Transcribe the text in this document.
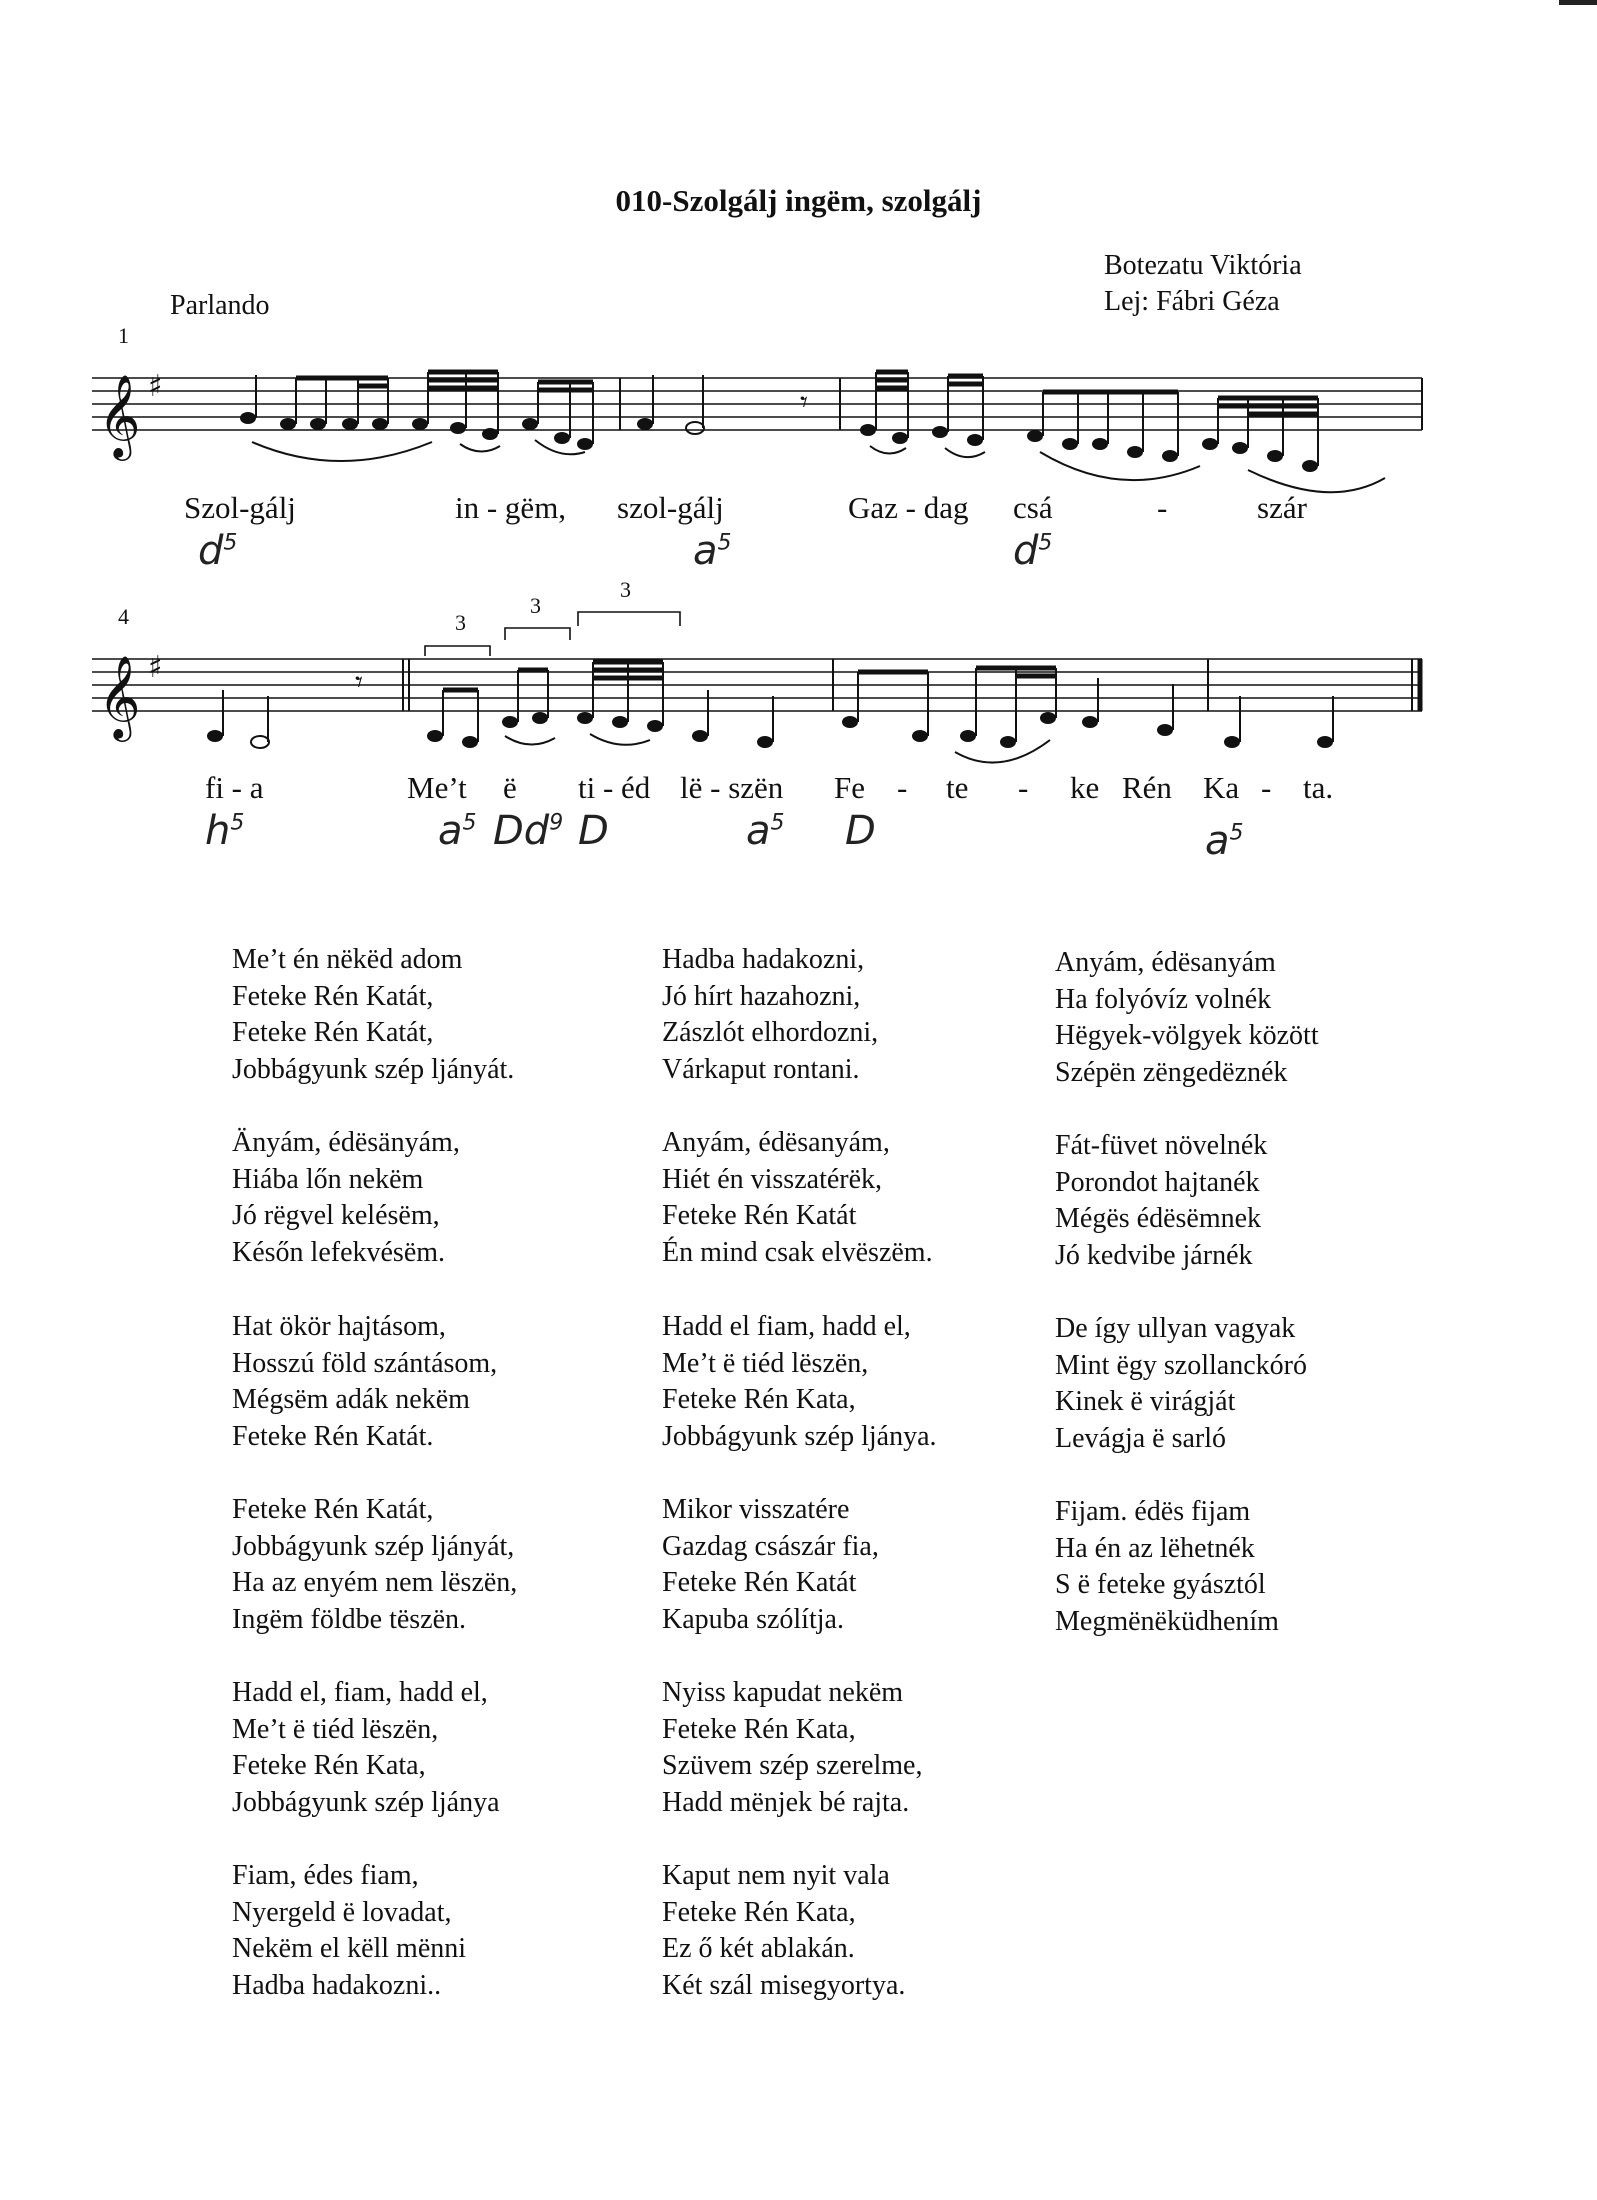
010-Szolgálj ingëm, szolgálj
Botezatu Viktória
Lej: Fábri Géza
Parlando
𝄞 ♯	𝄾
𝄞 ♯	𝄾
1
4	3
3
3
Szol-gálj	in - gëm, szol-gálj	Gaz - dag csá	-	szár
$d^5$	$a^5$	$d^5$
fi - a	Me’t ë ti - éd lë - szën Fe - te - ke Rén Ka - ta.
$h^5$	$a^5$ Dd$^9$ D	$a^5$ D	$a^5$
Me’t én nëkëd adom
Feteke Rén Katát,
Feteke Rén Katát,
Jobbágyunk szép ljányát.
Änyám, édësänyám,
Hiába lőn nekëm
Jó rëgvel kelésëm,
Későn lefekvésëm.
Hat ökör hajtásom,
Hosszú föld szántásom,
Mégsëm adák nekëm
Feteke Rén Katát.
Feteke Rén Katát,
Jobbágyunk szép ljányát,
Ha az enyém nem lëszën,
Ingëm földbe tëszën.
Hadd el, fiam, hadd el,
Me’t ë tiéd lëszën,
Feteke Rén Kata,
Jobbágyunk szép ljánya
Fiam, édes fiam,
Nyergeld ë lovadat,
Nekëm el këll mënni
Hadba hadakozni..
Hadba hadakozni,
Jó hírt hazahozni,
Zászlót elhordozni,
Várkaput rontani.
Anyám, édësanyám,
Hiét én visszatérëk,
Feteke Rén Katát
Én mind csak elvëszëm.
Hadd el fiam, hadd el,
Me’t ë tiéd lëszën,
Feteke Rén Kata,
Jobbágyunk szép ljánya.
Mikor visszatére
Gazdag császár fia,
Feteke Rén Katát
Kapuba szólítja.
Nyiss kapudat nekëm
Feteke Rén Kata,
Szüvem szép szerelme,
Hadd mënjek bé rajta.
Kaput nem nyit vala
Feteke Rén Kata,
Ez ő két ablakán.
Két szál misegyortya.
Anyám, édësanyám
Ha folyóvíz volnék
Hëgyek-völgyek között
Szépën zëngedëznék
Fát-füvet növelnék
Porondot hajtanék
Mégës édësëmnek
Jó kedvibe járnék
De így ullyan vagyak
Mint ëgy szollanckóró
Kinek ë virágját
Levágja ë sarló
Fijam. édës fijam
Ha én az lëhetnék
S ë feteke gyásztól
Megmënëküdhením
